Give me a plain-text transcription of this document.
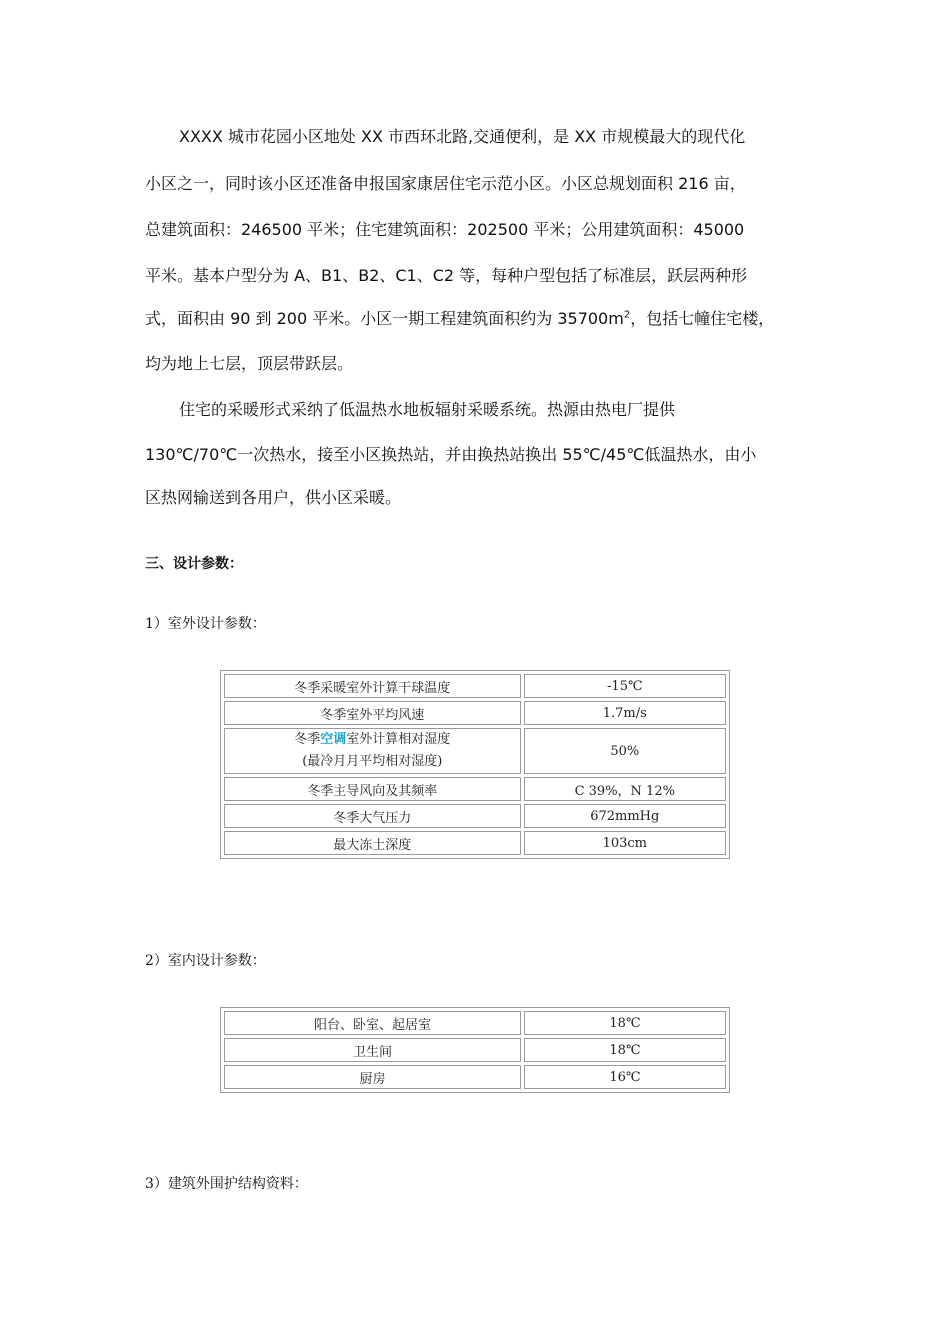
XXXX 城市花园小区地处 XX 市西环北路,交通便利，是 XX 市规模最大的现代化
小区之一，同时该小区还准备申报国家康居住宅示范小区。小区总规划面积 216 亩，
总建筑面积：246500 平米；住宅建筑面积：202500 平米；公用建筑面积：45000
平米。基本户型分为 A、B1、B2、C1、C2 等，每种户型包括了标准层，跃层两种形
式，面积由 90 到 200 平米。小区一期工程建筑面积约为 $35700m^2$，包括七幢住宅楼，
均为地上七层，顶层带跃层。
住宅的采暖形式采纳了低温热水地板辐射采暖系统。热源由热电厂提供
130℃/70℃一次热水，接至小区换热站，并由换热站换出 55℃/45℃低温热水，由小
区热网输送到各用户，供小区采暖。
三、设计参数：
1）室外设计参数：
冬季采暖室外计算干球温度	-15℃
冬季室外平均风速	1.7m/s
冬季空调室外计算相对湿度
(最冷月月平均相对湿度)	50%
冬季主导风向及其频率	C 39%，N 12%
冬季大气压力	672mmHg
最大冻土深度	103cm
2）室内设计参数：
阳台、卧室、起居室	18℃
卫生间	18℃
厨房	16℃
3）建筑外围护结构资料：
